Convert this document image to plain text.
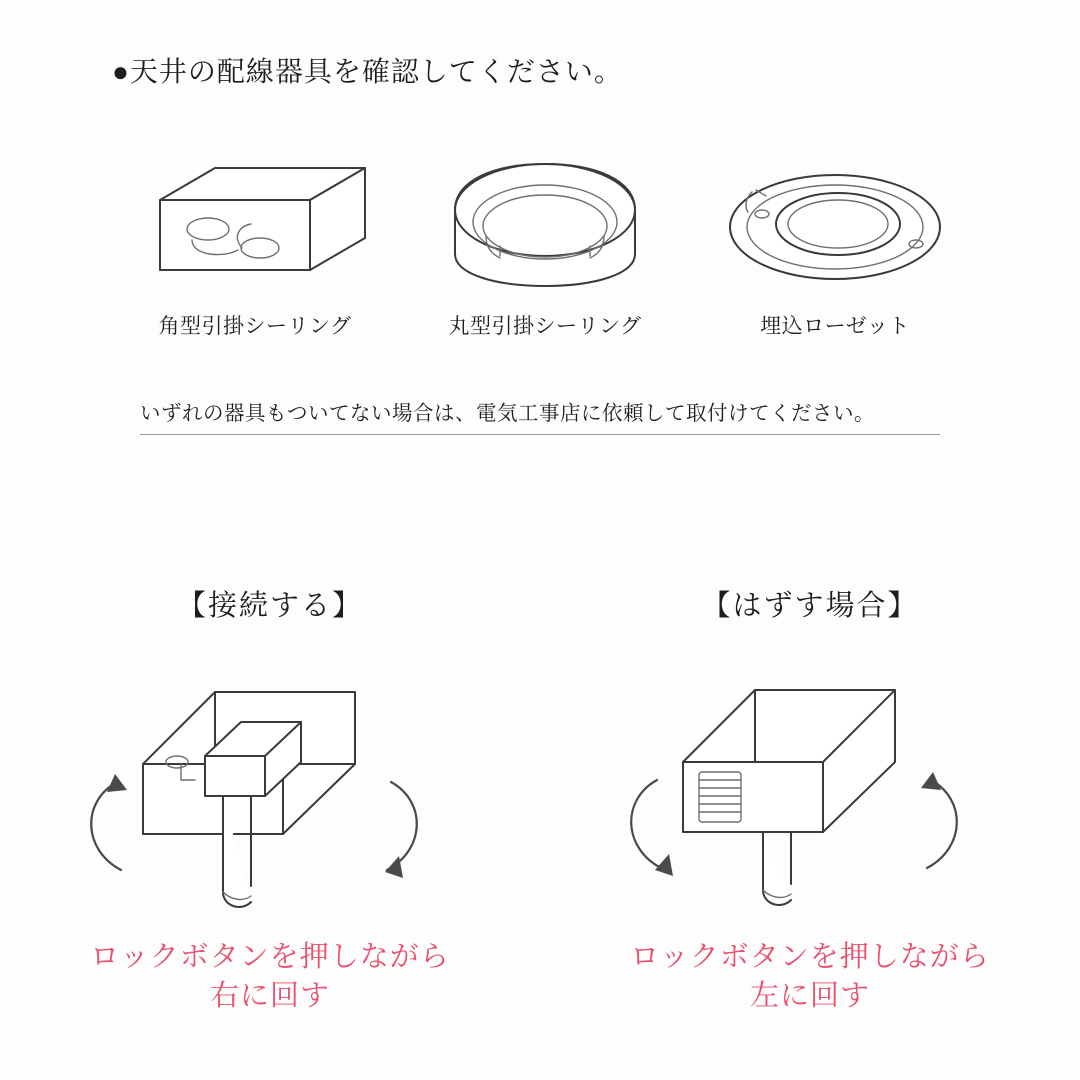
●天井の配線器具を確認してください。
角型引掛シーリング	丸型引掛シーリング	埋込ローゼット
いずれの器具もついてない場合は、電気工事店に依頼して取付けてください。
【接続する】
ロックボタンを押しながら
右に回す
【はずす場合】
ロックボタンを押しながら
左に回す
